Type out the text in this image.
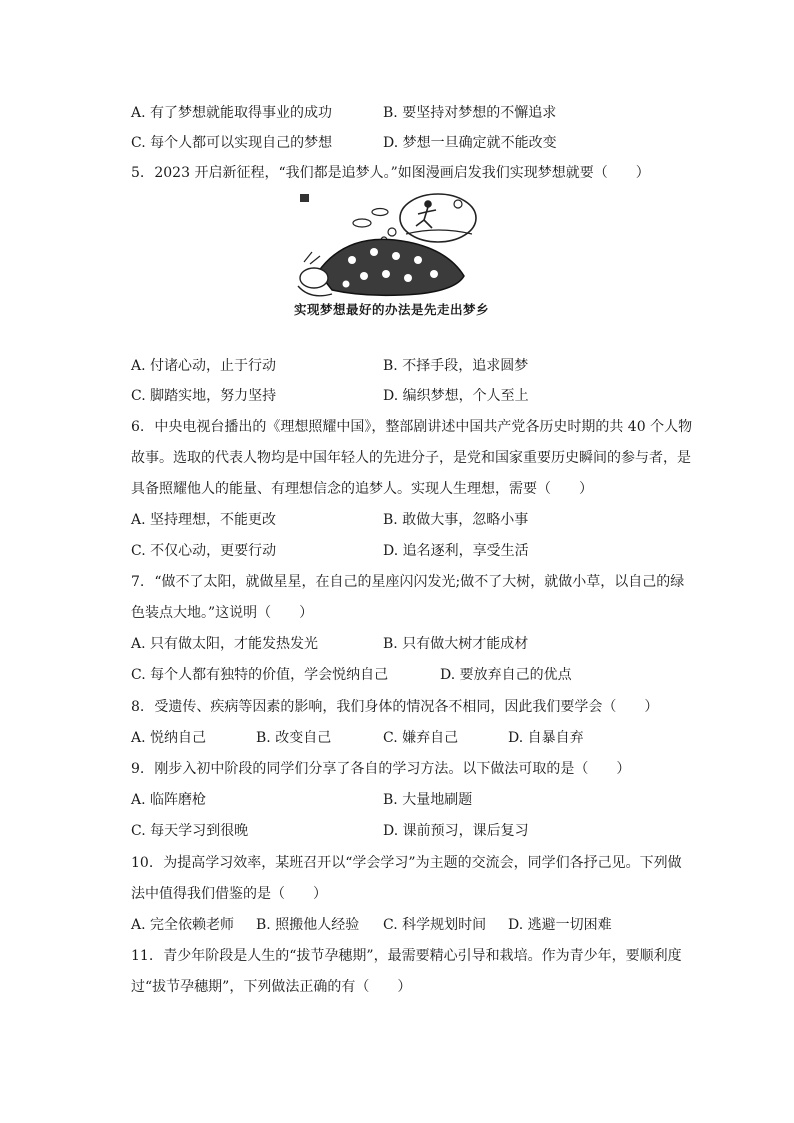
A. 有了梦想就能取得事业的成功	B. 要坚持对梦想的不懈追求
C. 每个人都可以实现自己的梦想	D. 梦想一旦确定就不能改变
5. 2023 开启新征程，“我们都是追梦人。”如图漫画启发我们实现梦想就要（　　）
实现梦想最好的办法是先走出梦乡
A. 付诸心动，止于行动	B. 不择手段，追求圆梦
C. 脚踏实地，努力坚持	D. 编织梦想，个人至上
6. 中央电视台播出的《理想照耀中国》，整部剧讲述中国共产党各历史时期的共 40 个人物
故事。选取的代表人物均是中国年轻人的先进分子，是党和国家重要历史瞬间的参与者，是
具备照耀他人的能量、有理想信念的追梦人。实现人生理想，需要（　　）
A. 坚持理想，不能更改	B. 敢做大事，忽略小事
C. 不仅心动，更要行动	D. 追名逐利，享受生活
7. “做不了太阳，就做星星，在自己的星座闪闪发光;做不了大树，就做小草，以自己的绿
色装点大地。”这说明（　　）
A. 只有做太阳，才能发热发光	B. 只有做大树才能成材
C. 每个人都有独特的价值，学会悦纳自己	D. 要放弃自己的优点
8. 受遗传、疾病等因素的影响，我们身体的情况各不相同，因此我们要学会（　　）
A. 悦纳自己	B. 改变自己	C. 嫌弃自己	D. 自暴自弃
9. 刚步入初中阶段的同学们分享了各自的学习方法。以下做法可取的是（　　）
A. 临阵磨枪	B. 大量地刷题
C. 每天学习到很晚	D. 课前预习，课后复习
10. 为提高学习效率，某班召开以“学会学习”为主题的交流会，同学们各抒己见。下列做
法中值得我们借鉴的是（　　）
A. 完全依赖老师 B. 照搬他人经验 C. 科学规划时间 D. 逃避一切困难
11. 青少年阶段是人生的“拔节孕穗期”，最需要精心引导和栽培。作为青少年，要顺利度
过“拔节孕穗期”，下列做法正确的有（　　）
